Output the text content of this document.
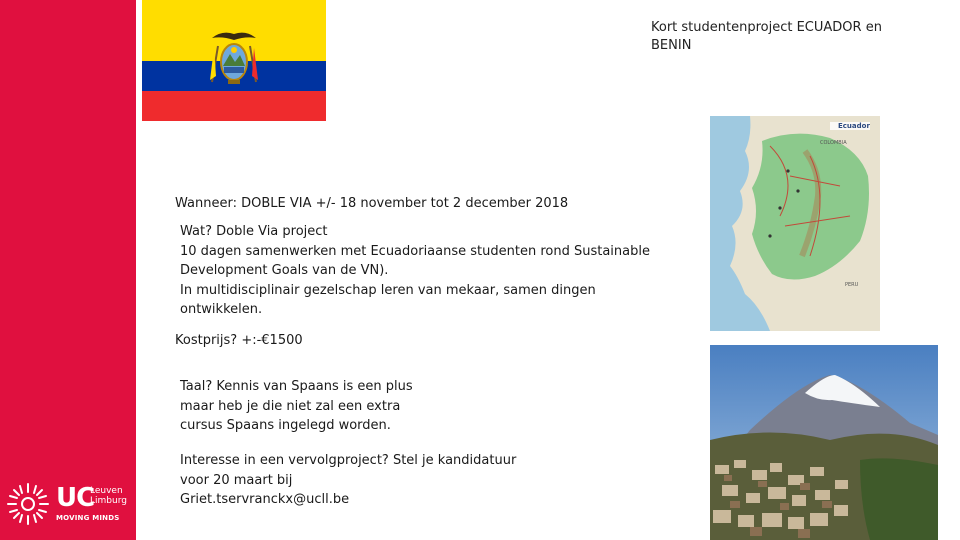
UC
Leuven
Limburg
MOVING MINDS
Kort studentenproject ECUADOR en BENIN
Wanneer: DOBLE VIA +/- 18 november tot 2 december 2018
Wat? Doble Via project
10 dagen samenwerken met Ecuadoriaanse studenten rond Sustainable
Development Goals van de VN).
In multidisciplinair gezelschap leren van mekaar, samen dingen
ontwikkelen.
Kostprijs? +:-€1500
Taal? Kennis van Spaans is een plus
maar heb je die niet zal een extra
cursus Spaans ingelegd worden.
Interesse in een vervolgproject? Stel je kandidatuur
voor 20 maart bij
Griet.tservranckx@ucll.be
Ecuador
COLOMBIA
PERU
